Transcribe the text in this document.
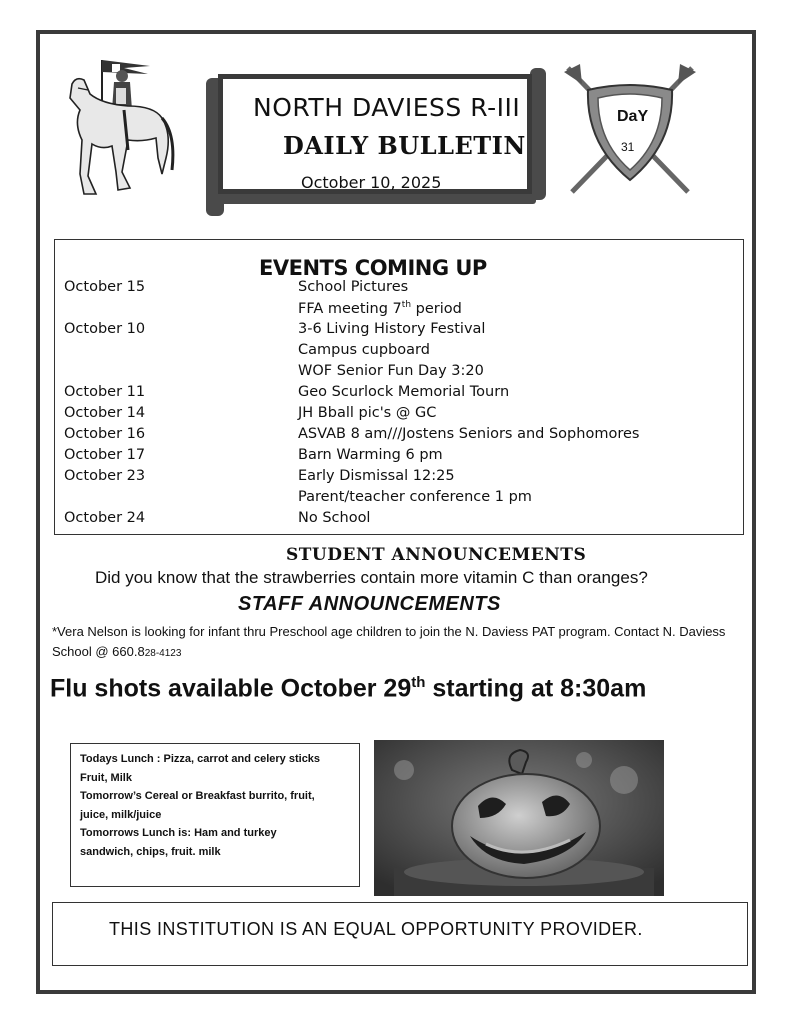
NORTH DAVIESS R-III
DAILY BULLETIN
October 10, 2025
DaY
31
EVENTS COMING UP
October 15	School Pictures
FFA meeting 7th period
October 10	3-6 Living History Festival
Campus cupboard
WOF Senior Fun Day 3:20
October 11	Geo Scurlock Memorial Tourn
October 14	JH Bball pic's @ GC
October 16	ASVAB 8 am///Jostens Seniors and Sophomores
October 17	Barn Warming 6 pm
October 23	Early Dismissal 12:25
Parent/teacher conference 1 pm
October 24	No School
STUDENT ANNOUNCEMENTS
Did you know that the strawberries contain more vitamin C than oranges?
STAFF ANNOUNCEMENTS
*Vera Nelson is looking for infant thru Preschool age children to join the N. Daviess PAT program. Contact N. Daviess School @ 660.828-4123
Flu shots available October 29th starting at 8:30am
Todays Lunch : Pizza, carrot and celery sticks
Fruit, Milk
Tomorrow’s Cereal or Breakfast burrito, fruit,
juice, milk/juice
Tomorrows Lunch is: Ham and turkey
sandwich, chips, fruit. milk
THIS INSTITUTION IS AN EQUAL OPPORTUNITY PROVIDER.
